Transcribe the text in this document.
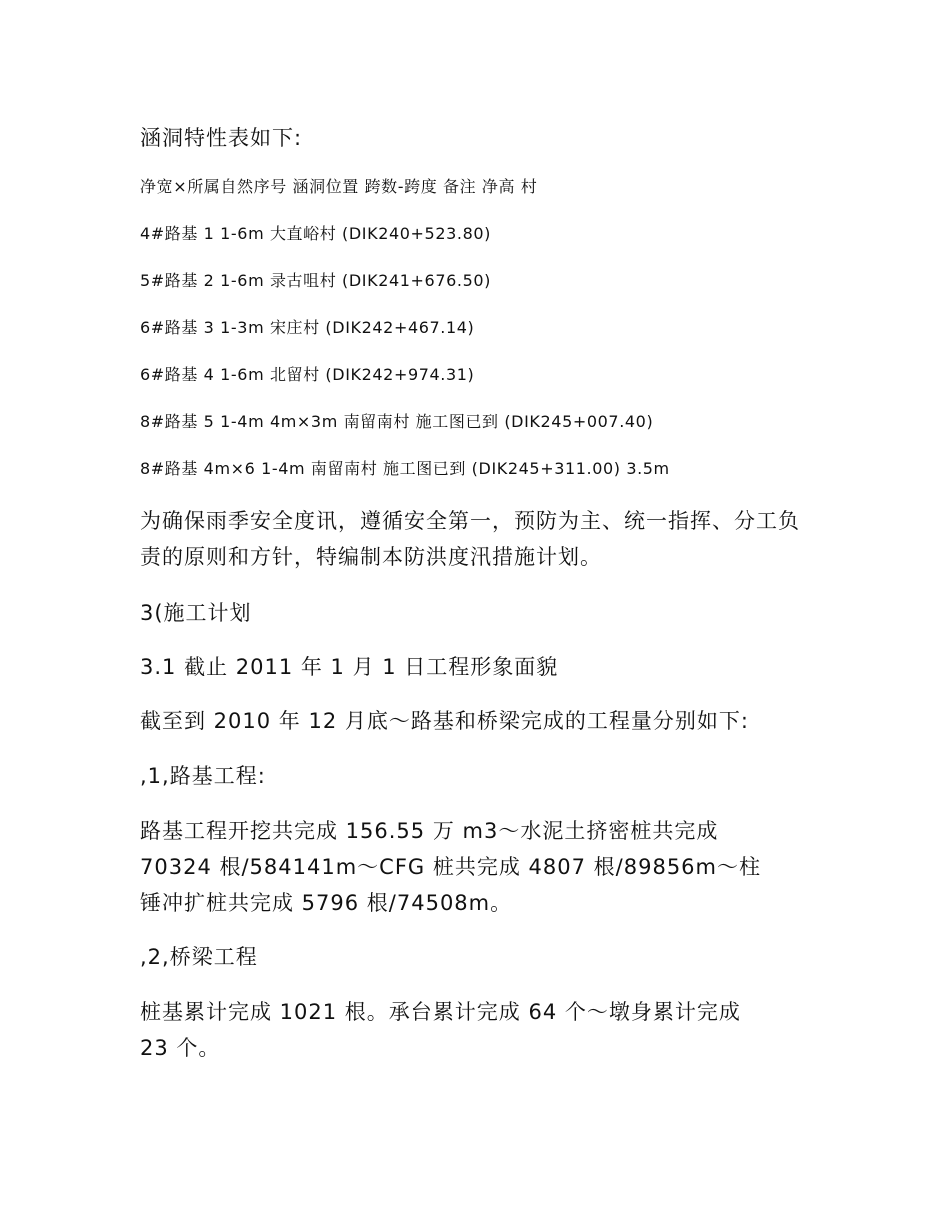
涵洞特性表如下:

净宽×所属自然序号 涵洞位置 跨数-跨度 备注 净高 村

4#路基 1 1-6m 大直峪村 (DIK240+523.80)

5#路基 2 1-6m 录古咀村 (DIK241+676.50)

6#路基 3 1-3m 宋庄村 (DIK242+467.14)

6#路基 4 1-6m 北留村 (DIK242+974.31)

8#路基 5 1-4m 4m×3m 南留南村 施工图已到 (DIK245+007.40)

8#路基 4m×6 1-4m 南留南村 施工图已到 (DIK245+311.00) 3.5m

为确保雨季安全度讯，遵循安全第一，预防为主、统一指挥、分工负责的原则和方针，特编制本防洪度汛措施计划。

3(施工计划

3.1 截止 2011 年 1 月 1 日工程形象面貌

截至到 2010 年 12 月底～路基和桥梁完成的工程量分别如下:

,1,路基工程:

路基工程开挖共完成 156.55 万 m3～水泥土挤密桩共完成

70324 根/584141m～CFG 桩共完成 4807 根/89856m～柱

锤冲扩桩共完成 5796 根/74508m。

,2,桥梁工程

桩基累计完成 1021 根。承台累计完成 64 个～墩身累计完成

23 个。
